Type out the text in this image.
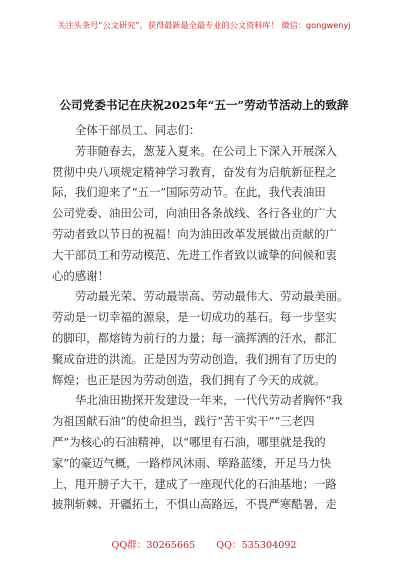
关注头条号“公文研究”，获得最新最全最专业的公文资料库！ 微信：gongwenyj
公司党委书记在庆祝2025年“五一”劳动节活动上的致辞
全体干部员工、同志们：
芳菲随春去，葱茏入夏来。在公司上下深入开展深入
贯彻中央八项规定精神学习教育，奋发有为启航新征程之
际，我们迎来了“五一”国际劳动节。在此，我代表油田
公司党委、油田公司，向油田各条战线、各行各业的广大
劳动者致以节日的祝福！向为油田改革发展做出贡献的广
大干部员工和劳动模范、先进工作者致以诚挚的问候和衷
心的感谢！
劳动最光荣、劳动最崇高、劳动最伟大、劳动最美丽。
劳动是一切幸福的源泉，是一切成功的基石。每一步坚实
的脚印，都熔铸为前行的力量；每一滴挥洒的汗水，都汇
聚成奋进的洪流。正是因为劳动创造，我们拥有了历史的
辉煌；也正是因为劳动创造，我们拥有了今天的成就。
华北油田勘探开发建设一年来，一代代劳动者胸怀“我
为祖国献石油”的使命担当，践行“苦干实干”“三老四
严”为核心的石油精神，以“哪里有石油，哪里就是我的
家”的豪迈气概，一路栉风沐雨、筚路蓝缕，开足马力快
上，甩开膀子大干，建成了一座现代化的石油基地；一路
披荆斩棘、开疆拓土，不惧山高路远，不畏严寒酷暑，走
QQ群：30265665 QQ：535304092
